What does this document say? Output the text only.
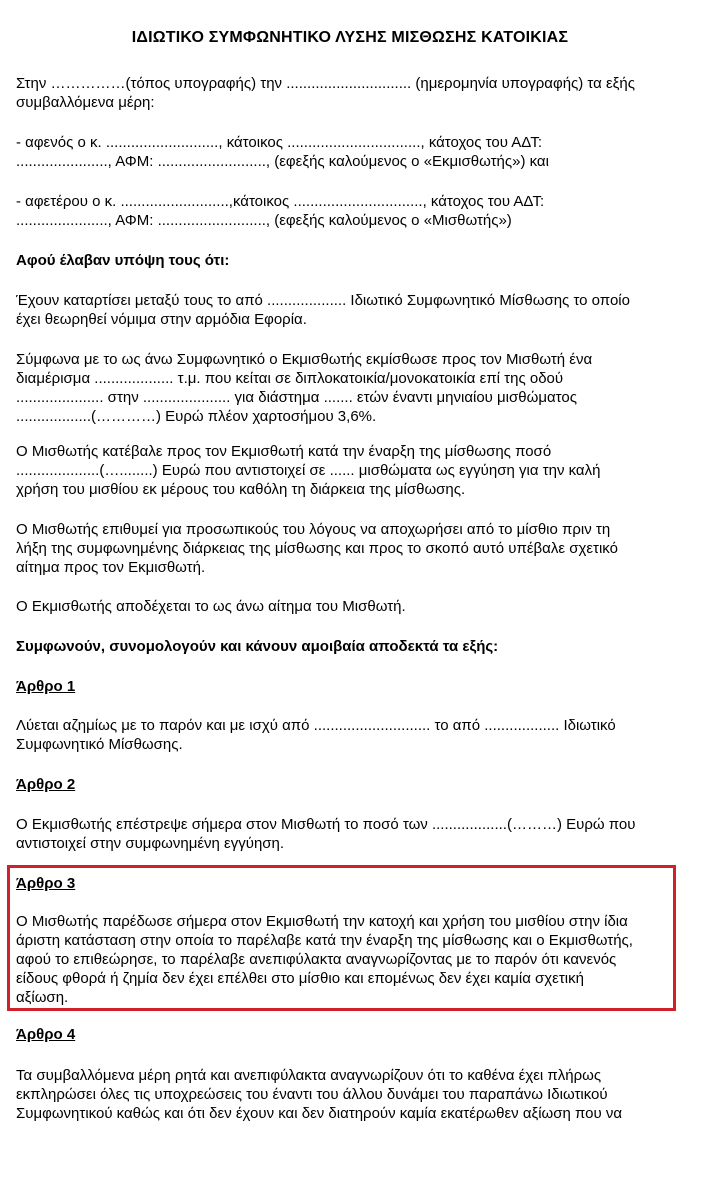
ΙΔΙΩΤΙΚΟ ΣΥΜΦΩΝΗΤΙΚΟ ΛΥΣΗΣ ΜΙΣΘΩΣΗΣ ΚΑΤΟΙΚΙΑΣ
Στην ……………(τόπος υπογραφής) την .............................. (ημερομηνία υπογραφής) τα εξής
συμβαλλόμενα μέρη:
- αφενός ο κ. ..........................., κάτοικος ................................, κάτοχος του ΑΔΤ:
......................, ΑΦΜ: .........................., (εφεξής καλούμενος ο «Εκμισθωτής») και
- αφετέρου ο κ. ..........................,κάτοικος ..............................., κάτοχος του ΑΔΤ:
......................, ΑΦΜ: .........................., (εφεξής καλούμενος ο «Μισθωτής»)
Αφού έλαβαν υπόψη τους ότι:
Έχουν καταρτίσει μεταξύ τους το από ................... Ιδιωτικό Συμφωνητικό Μίσθωσης το οποίο
έχει θεωρηθεί νόμιμα στην αρμόδια Εφορία.
Σύμφωνα με το ως άνω Συμφωνητικό ο Εκμισθωτής εκμίσθωσε προς τον Μισθωτή ένα
διαμέρισμα ................... τ.μ. που κείται σε διπλοκατοικία/μονοκατοικία επί της οδού
..................... στην ..................... για διάστημα ....... ετών έναντι μηνιαίου μισθώματος
..................(…………) Ευρώ πλέον χαρτοσήμου 3,6%.
Ο Μισθωτής κατέβαλε προς τον Εκμισθωτή κατά την έναρξη της μίσθωσης ποσό
....................(…........) Ευρώ που αντιστοιχεί σε ...... μισθώματα ως εγγύηση για την καλή
χρήση του μισθίου εκ μέρους του καθόλη τη διάρκεια της μίσθωσης.
Ο Μισθωτής επιθυμεί για προσωπικούς του λόγους να αποχωρήσει από το μίσθιο πριν τη
λήξη της συμφωνημένης διάρκειας της μίσθωσης και προς το σκοπό αυτό υπέβαλε σχετικό
αίτημα προς τον Εκμισθωτή.
Ο Εκμισθωτής αποδέχεται το ως άνω αίτημα του Μισθωτή.
Συμφωνούν, συνομολογούν και κάνουν αμοιβαία αποδεκτά τα εξής:
Άρθρο 1
Λύεται αζημίως με το παρόν και με ισχύ από ............................ το από .................. Ιδιωτικό
Συμφωνητικό Μίσθωσης.
Άρθρο 2
Ο Εκμισθωτής επέστρεψε σήμερα στον Μισθωτή το ποσό των ..................(………) Ευρώ που
αντιστοιχεί στην συμφωνημένη εγγύηση.
Άρθρο 3
Ο Μισθωτής παρέδωσε σήμερα στον Εκμισθωτή την κατοχή και χρήση του μισθίου στην ίδια
άριστη κατάσταση στην οποία το παρέλαβε κατά την έναρξη της μίσθωσης και ο Εκμισθωτής,
αφού το επιθεώρησε, το παρέλαβε ανεπιφύλακτα αναγνωρίζοντας με το παρόν ότι κανενός
είδους φθορά ή ζημία δεν έχει επέλθει στο μίσθιο και επομένως δεν έχει καμία σχετική
αξίωση.
Άρθρο 4
Τα συμβαλλόμενα μέρη ρητά και ανεπιφύλακτα αναγνωρίζουν ότι το καθένα έχει πλήρως
εκπληρώσει όλες τις υποχρεώσεις του έναντι του άλλου δυνάμει του παραπάνω Ιδιωτικού
Συμφωνητικού καθώς και ότι δεν έχουν και δεν διατηρούν καμία εκατέρωθεν αξίωση που να
